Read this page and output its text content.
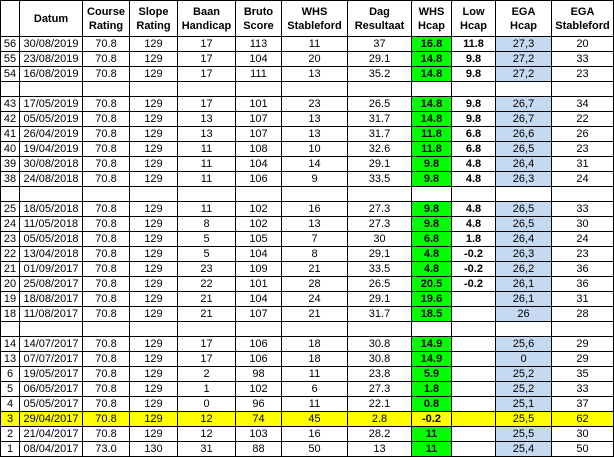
	Datum	Course Rating	Slope Rating	Baan Handicap	Bruto Score	WHS Stableford	Dag Resultaat	WHS Hcap	Low Hcap	EGA Hcap	EGA Stableford
56	30/08/2019	70.8	129	17	113	11	37	16.8	11.8	27,3	20
55	23/08/2019	70.8	129	17	104	20	29.1	14.8	9.8	27,2	33
54	16/08/2019	70.8	129	17	111	13	35.2	14.8	9.8	27,2	23

43	17/05/2019	70.8	129	17	101	23	26.5	14.8	9.8	26,7	34
42	05/05/2019	70.8	129	13	107	13	31.7	14.8	9.8	26,7	22
41	26/04/2019	70.8	129	13	107	13	31.7	11.8	6.8	26,6	26
40	19/04/2019	70.8	129	11	108	10	32.6	11.8	6.8	26,5	23
39	30/08/2018	70.8	129	11	104	14	29.1	9.8	4.8	26,4	31
38	24/08/2018	70.8	129	11	106	9	33.5	9.8	4.8	26,3	24

25	18/05/2018	70.8	129	11	102	16	27.3	9.8	4.8	26,5	33
24	11/05/2018	70.8	129	8	102	13	27.3	9.8	4.8	26,5	30
23	05/05/2018	70.8	129	5	105	7	30	6.8	1.8	26,4	24
22	13/04/2018	70.8	129	5	104	8	29.1	4.8	-0.2	26,3	23
21	01/09/2017	70.8	129	23	109	21	33.5	4.8	-0.2	26,2	36
20	25/08/2017	70.8	129	22	101	28	26.5	20.5	-0.2	26,1	36
19	18/08/2017	70.8	129	21	104	24	29.1	19.6		26,1	31
18	11/08/2017	70.8	129	21	107	21	31.7	18.5		26	28

14	14/07/2017	70.8	129	17	106	18	30.8	14.9		25,6	29
13	07/07/2017	70.8	129	17	106	18	30.8	14.9		0	29
6	19/05/2017	70.8	129	2	98	11	23.8	5.9		25,2	35
5	06/05/2017	70.8	129	1	102	6	27.3	1.8		25,2	33
4	05/05/2017	70.8	129	0	96	11	22.1	0.8		25,1	37
3	29/04/2017	70.8	129	12	74	45	2.8	-0.2		25,5	62
2	21/04/2017	70.8	129	12	103	16	28.2	11		25,5	30
1	08/04/2017	73.0	130	31	88	50	13	11		25,4	50
